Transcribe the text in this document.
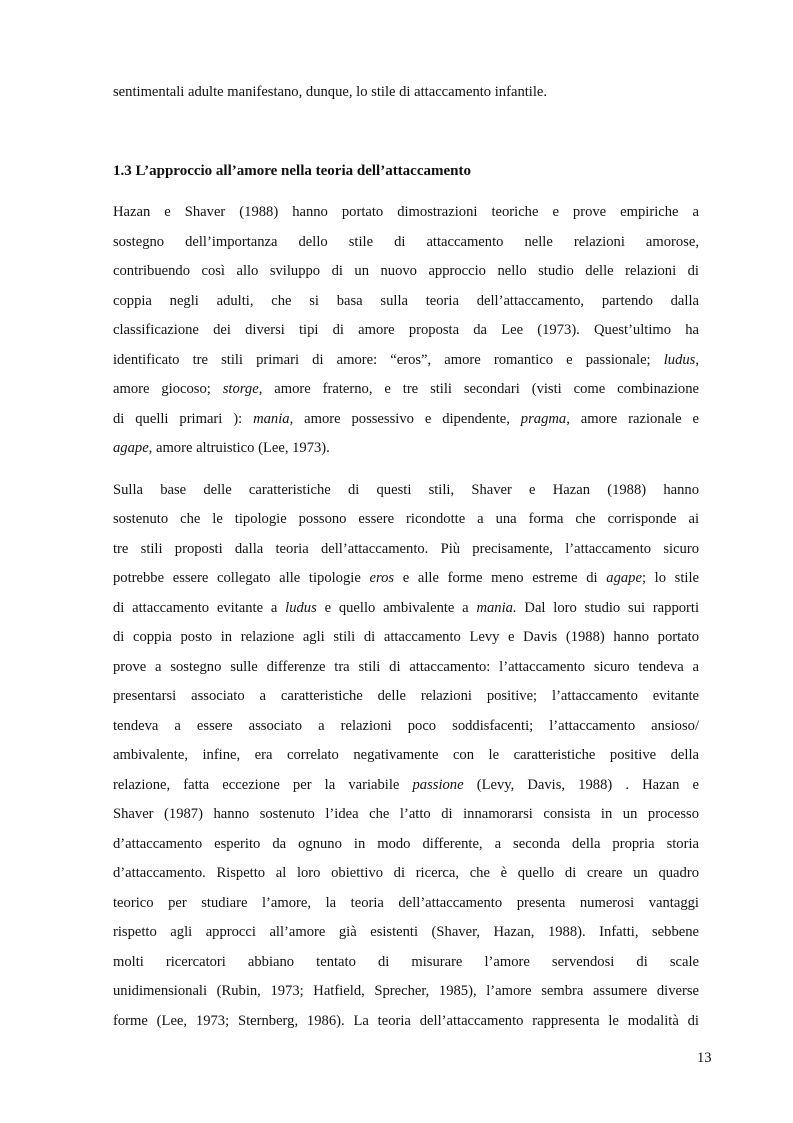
sentimentali adulte manifestano, dunque, lo stile di attaccamento infantile.
1.3 L’approccio all’amore nella teoria dell’attaccamento
Hazan e Shaver (1988) hanno portato dimostrazioni teoriche e prove empiriche a
sostegno dell’importanza dello stile di attaccamento nelle relazioni amorose,
contribuendo così allo sviluppo di un nuovo approccio nello studio delle relazioni di
coppia negli adulti, che si basa sulla teoria dell’attaccamento, partendo dalla
classificazione dei diversi tipi di amore proposta da Lee (1973). Quest’ultimo ha
identificato tre stili primari di amore: “eros”, amore romantico e passionale; ludus,
amore giocoso; storge, amore fraterno, e tre stili secondari (visti come combinazione
di quelli primari ): mania, amore possessivo e dipendente, pragma, amore razionale e
agape, amore altruistico (Lee, 1973).
Sulla base delle caratteristiche di questi stili, Shaver e Hazan (1988) hanno
sostenuto che le tipologie possono essere ricondotte a una forma che corrisponde ai
tre stili proposti dalla teoria dell’attaccamento. Più precisamente, l’attaccamento sicuro
potrebbe essere collegato alle tipologie eros e alle forme meno estreme di agape; lo stile
di attaccamento evitante a ludus e quello ambivalente a mania. Dal loro studio sui rapporti
di coppia posto in relazione agli stili di attaccamento Levy e Davis (1988) hanno portato
prove a sostegno sulle differenze tra stili di attaccamento: l’attaccamento sicuro tendeva a
presentarsi associato a caratteristiche delle relazioni positive; l’attaccamento evitante
tendeva a essere associato a relazioni poco soddisfacenti; l’attaccamento ansioso/
ambivalente, infine, era correlato negativamente con le caratteristiche positive della
relazione, fatta eccezione per la variabile passione (Levy, Davis, 1988) . Hazan e
Shaver (1987) hanno sostenuto l’idea che l’atto di innamorarsi consista in un processo
d’attaccamento esperito da ognuno in modo differente, a seconda della propria storia
d’attaccamento. Rispetto al loro obiettivo di ricerca, che è quello di creare un quadro
teorico per studiare l’amore, la teoria dell’attaccamento presenta numerosi vantaggi
rispetto agli approcci all’amore già esistenti (Shaver, Hazan, 1988). Infatti, sebbene
molti ricercatori abbiano tentato di misurare l’amore servendosi di scale
unidimensionali (Rubin, 1973; Hatfield, Sprecher, 1985), l’amore sembra assumere diverse
forme (Lee, 1973; Sternberg, 1986). La teoria dell’attaccamento rappresenta le modalità di
13
